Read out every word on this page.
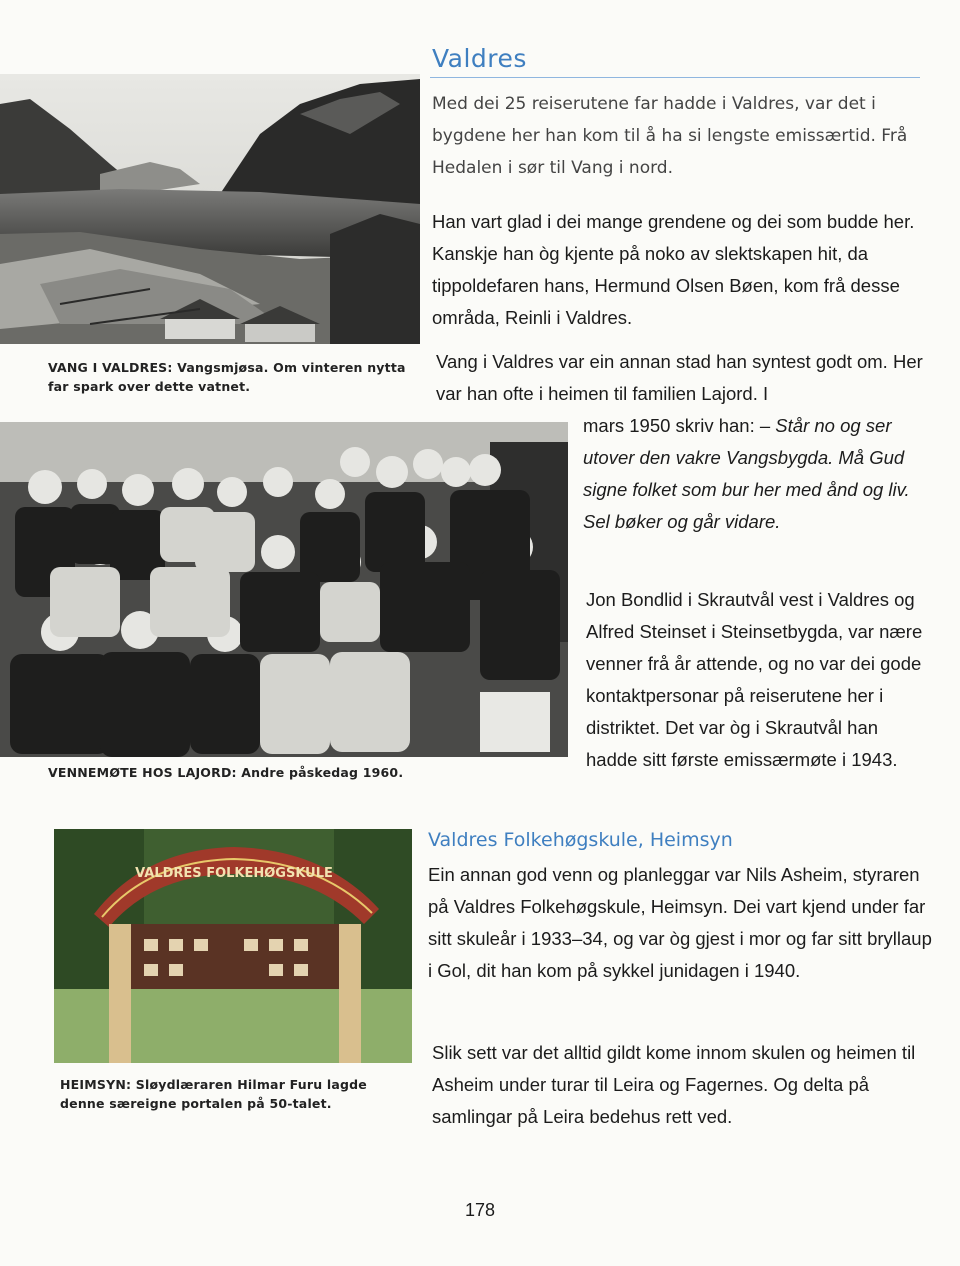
Valdres
VANG I VALDRES: Vangsmjøsa. Om vinteren nytta far spark over dette vatnet.
Med dei 25 reiserutene far hadde i Valdres, var det i bygdene her han kom til å ha si lengste emissærtid. Frå Hedalen i sør til Vang i nord.
Han vart glad i dei mange grendene og dei som budde her. Kanskje han òg kjente på noko av slektskapen hit, da tippoldefaren hans, Hermund Olsen Bøen, kom frå desse områda, Reinli i Valdres.
Vang i Valdres var ein annan stad han syntest godt om. Her var han ofte i heimen til familien Lajord. I
mars 1950 skriv han: – Står no og ser utover den vakre Vangsbygda. Må Gud signe folket som bur her med ånd og liv. Sel bøker og går vidare.
VENNEMØTE HOS LAJORD: Andre påskedag 1960.
Jon Bondlid i Skrautvål vest i Valdres og Alfred Steinset i Steinsetbygda, var nære venner frå år attende, og no var dei gode kontaktpersonar på reiserutene her i distriktet. Det var òg i Skrautvål han hadde sitt første emissærmøte i 1943.
Valdres Folkehøgskule, Heimsyn
Ein annan god venn og planleggar var Nils Asheim, styraren på Valdres Folkehøgskule, Heimsyn. Dei vart kjend under far sitt skuleår i 1933–34, og var òg gjest i mor og far sitt bryllaup i Gol, dit han kom på sykkel junidagen i 1940.
Slik sett var det alltid gildt kome innom skulen og heimen til Asheim under turar til Leira og Fagernes. Og delta på samlingar på Leira bedehus rett ved.
VALDRES FOLKEHØGSKULE
HEIMSYN: Sløydlæraren Hilmar Furu lagde denne særeigne portalen på 50-talet.
178
